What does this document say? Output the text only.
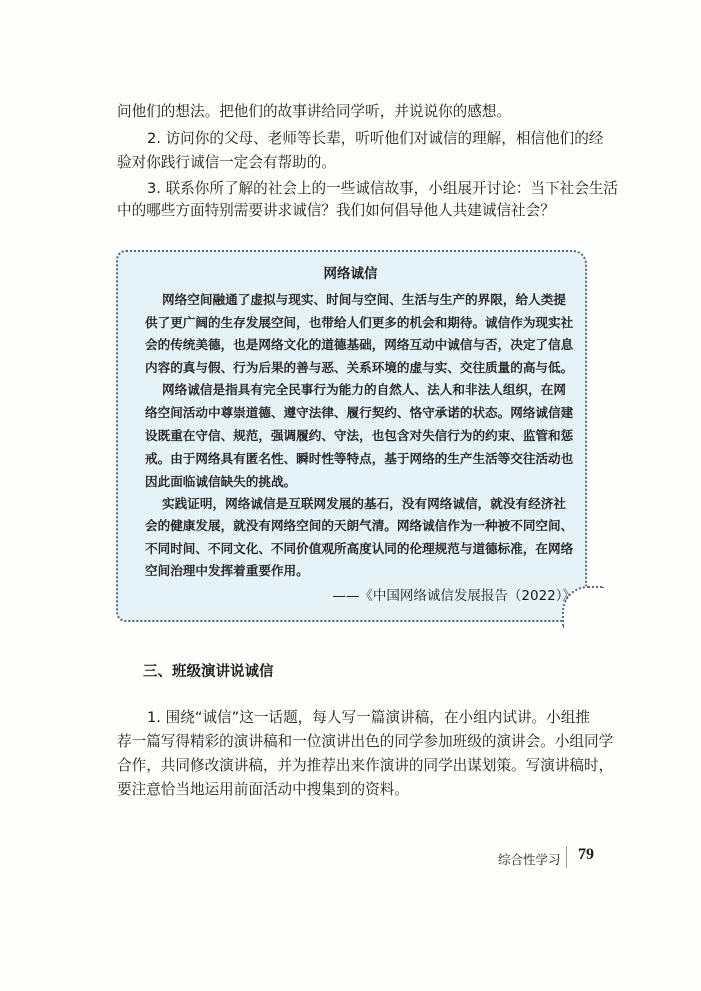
问他们的想法。把他们的故事讲给同学听，并说说你的感想。
2. 访问你的父母、老师等长辈，听听他们对诚信的理解，相信他们的经
验对你践行诚信一定会有帮助的。
3. 联系你所了解的社会上的一些诚信故事，小组展开讨论：当下社会生活
中的哪些方面特别需要讲求诚信？我们如何倡导他人共建诚信社会？
网络诚信
网络空间融通了虚拟与现实、时间与空间、生活与生产的界限，给人类提
供了更广阔的生存发展空间，也带给人们更多的机会和期待。诚信作为现实社
会的传统美德，也是网络文化的道德基础，网络互动中诚信与否，决定了信息
内容的真与假、行为后果的善与恶、关系环境的虚与实、交往质量的高与低。
网络诚信是指具有完全民事行为能力的自然人、法人和非法人组织，在网
络空间活动中尊崇道德、遵守法律、履行契约、恪守承诺的状态。网络诚信建
设既重在守信、规范，强调履约、守法，也包含对失信行为的约束、监管和惩
戒。由于网络具有匿名性、瞬时性等特点，基于网络的生产生活等交往活动也
因此面临诚信缺失的挑战。
实践证明，网络诚信是互联网发展的基石，没有网络诚信，就没有经济社
会的健康发展，就没有网络空间的天朗气清。网络诚信作为一种被不同空间、
不同时间、不同文化、不同价值观所高度认同的伦理规范与道德标准，在网络
空间治理中发挥着重要作用。
——《中国网络诚信发展报告（2022）》
三、班级演讲说诚信
1. 围绕“诚信”这一话题，每人写一篇演讲稿，在小组内试讲。小组推
荐一篇写得精彩的演讲稿和一位演讲出色的同学参加班级的演讲会。小组同学
合作，共同修改演讲稿，并为推荐出来作演讲的同学出谋划策。写演讲稿时，
要注意恰当地运用前面活动中搜集到的资料。
综合性学习 79
